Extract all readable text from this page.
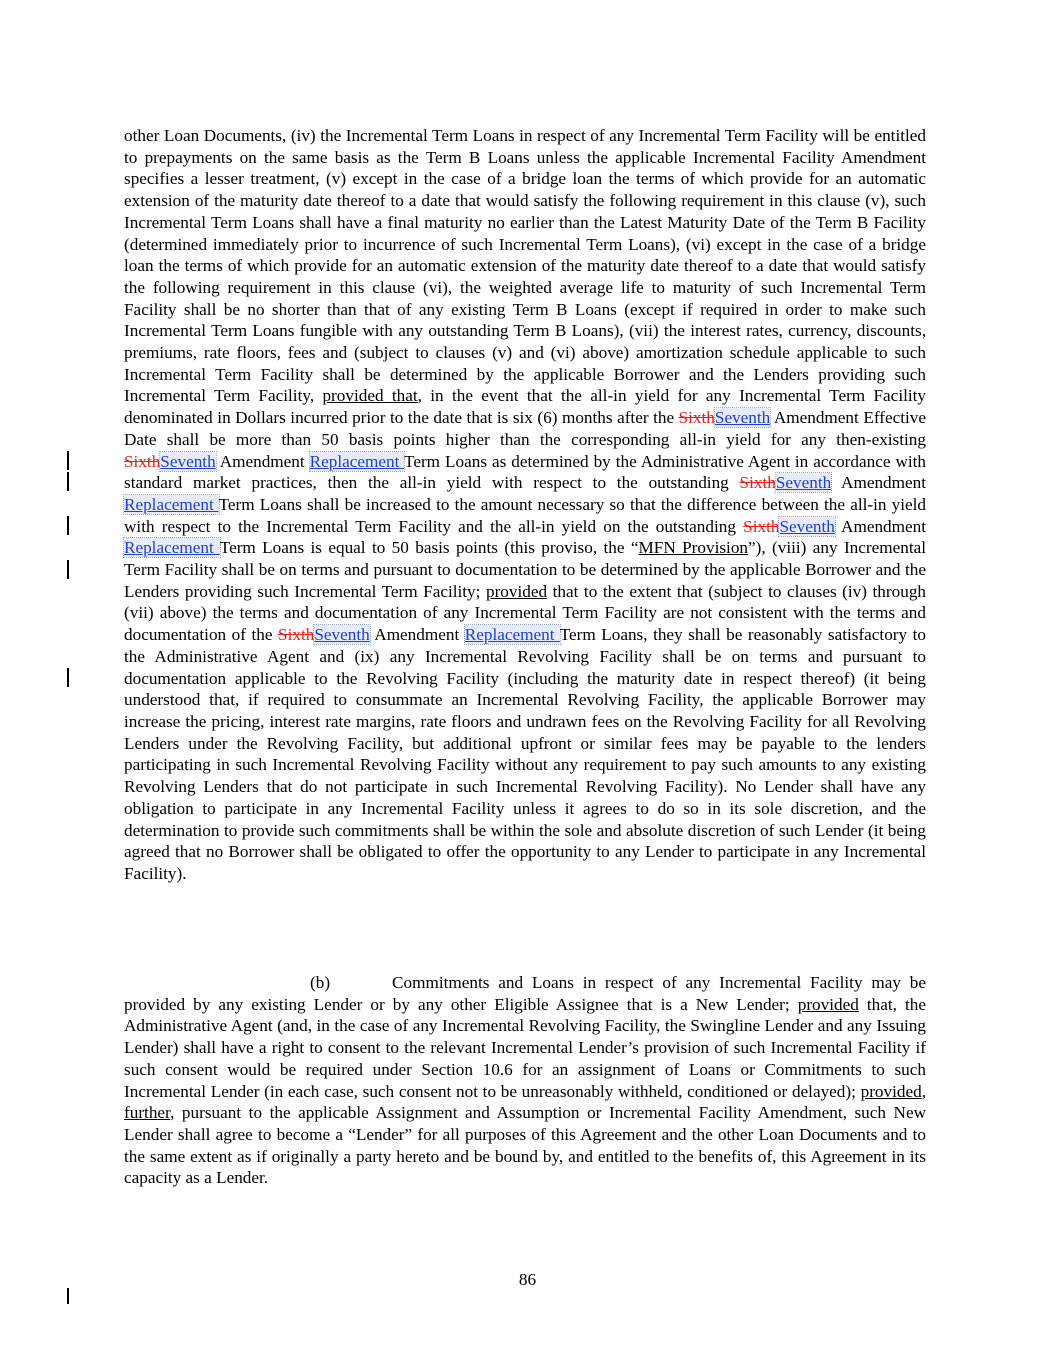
other Loan Documents, (iv) the Incremental Term Loans in respect of any Incremental Term Facility will be entitled to prepayments on the same basis as the Term B Loans unless the applicable Incremental Facility Amendment specifies a lesser treatment, (v) except in the case of a bridge loan the terms of which provide for an automatic extension of the maturity date thereof to a date that would satisfy the following requirement in this clause (v), such Incremental Term Loans shall have a final maturity no earlier than the Latest Maturity Date of the Term B Facility (determined immediately prior to incurrence of such Incremental Term Loans), (vi) except in the case of a bridge loan the terms of which provide for an automatic extension of the maturity date thereof to a date that would satisfy the following requirement in this clause (vi), the weighted average life to maturity of such Incremental Term Facility shall be no shorter than that of any existing Term B Loans (except if required in order to make such Incremental Term Loans fungible with any outstanding Term B Loans), (vii) the interest rates, currency, discounts, premiums, rate floors, fees and (subject to clauses (v) and (vi) above) amortization schedule applicable to such Incremental Term Facility shall be determined by the applicable Borrower and the Lenders providing such Incremental Term Facility, provided that, in the event that the all-in yield for any Incremental Term Facility denominated in Dollars incurred prior to the date that is six (6) months after the SixthSeventh Amendment Effective Date shall be more than 50 basis points higher than the corresponding all-in yield for any then-existing SixthSeventh Amendment Replacement Term Loans as determined by the Administrative Agent in accordance with standard market practices, then the all-in yield with respect to the outstanding SixthSeventh Amendment Replacement Term Loans shall be increased to the amount necessary so that the difference between the all-in yield with respect to the Incremental Term Facility and the all-in yield on the outstanding SixthSeventh Amendment Replacement Term Loans is equal to 50 basis points (this proviso, the “MFN Provision”), (viii) any Incremental Term Facility shall be on terms and pursuant to documentation to be determined by the applicable Borrower and the Lenders providing such Incremental Term Facility; provided that to the extent that (subject to clauses (iv) through (vii) above) the terms and documentation of any Incremental Term Facility are not consistent with the terms and documentation of the SixthSeventh Amendment Replacement Term Loans, they shall be reasonably satisfactory to the Administrative Agent and (ix) any Incremental Revolving Facility shall be on terms and pursuant to documentation applicable to the Revolving Facility (including the maturity date in respect thereof) (it being understood that, if required to consummate an Incremental Revolving Facility, the applicable Borrower may increase the pricing, interest rate margins, rate floors and undrawn fees on the Revolving Facility for all Revolving Lenders under the Revolving Facility, but additional upfront or similar fees may be payable to the lenders participating in such Incremental Revolving Facility without any requirement to pay such amounts to any existing Revolving Lenders that do not participate in such Incremental Revolving Facility). No Lender shall have any obligation to participate in any Incremental Facility unless it agrees to do so in its sole discretion, and the determination to provide such commitments shall be within the sole and absolute discretion of such Lender (it being agreed that no Borrower shall be obligated to offer the opportunity to any Lender to participate in any Incremental Facility).

(b)	Commitments and Loans in respect of any Incremental Facility may be provided by any existing Lender or by any other Eligible Assignee that is a New Lender; provided that, the Administrative Agent (and, in the case of any Incremental Revolving Facility, the Swingline Lender and any Issuing Lender) shall have a right to consent to the relevant Incremental Lender’s provision of such Incremental Facility if such consent would be required under Section 10.6 for an assignment of Loans or Commitments to such Incremental Lender (in each case, such consent not to be unreasonably withheld, conditioned or delayed); provided, further, pursuant to the applicable Assignment and Assumption or Incremental Facility Amendment, such New Lender shall agree to become a “Lender” for all purposes of this Agreement and the other Loan Documents and to the same extent as if originally a party hereto and be bound by, and entitled to the benefits of, this Agreement in its capacity as a Lender.

86
